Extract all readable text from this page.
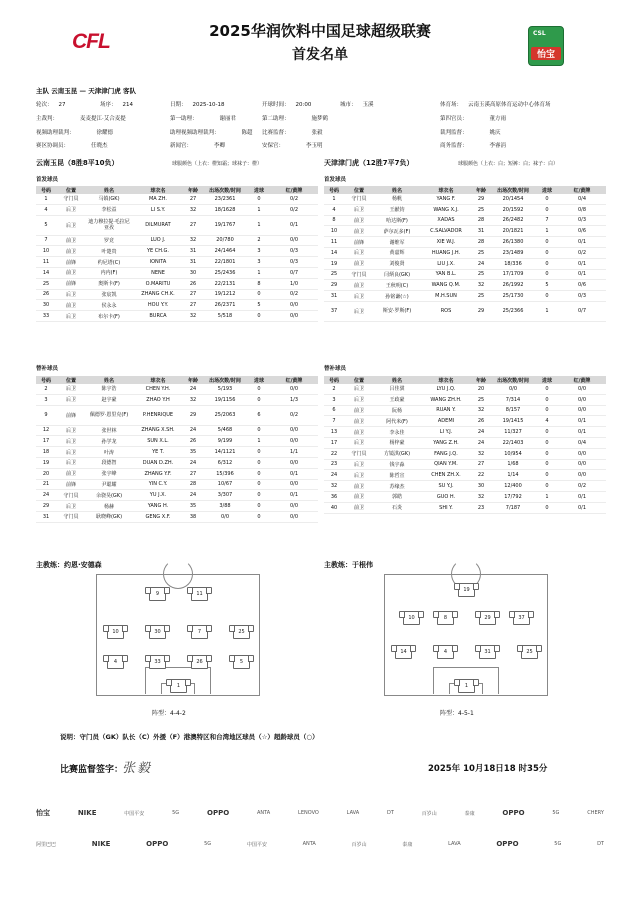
CFL	2025华润饮料中国足球超级联赛
首发名单
CSL
怡宝
主队 云南玉昆 — 天津津门虎 客队
轮次： 27	场序： 214	日期： 2025-10-18	开球时间： 20:00	城市： 玉溪	体育场： 云南玉溪高原体育运动中心体育场
主裁判：	麦麦提江·艾合麦提	第一助理：	谢丽君	第二助理：	施梦鹤	第四官员：	董方雨
视频助理裁判：	徐耀德	助理视频助理裁判：	陈超 比赛监督：	张毅	裁判监督：	姚庆
赛区协调员：	任晓杰	新闻官：	李卿	安保官：	李玉明	商务监督：	李睿涓
云南玉昆（8胜8平10负）	球服颜色（上衣：橙知霜；球袜子：橙）	天津津门虎（12胜7平7负）	球服颜色（上衣：白；短裤：白；袜子：白）
首发球员	首发球员
号码	位置	姓名	球衣名	年龄	出场次数/时间	进球	红/黄牌
1	守门员	马镇(GK)	MA ZH.	27	23/2361	0	0/2
4	后卫	李松益	LI S.Y.	32	18/1628	1	0/2
5	后卫	迪力穆拉提·毛拉尼亚孜	DILMURAT	27	19/1767	1	0/1
7	前卫	罗竞	LUO J.	32	20/780	2	0/0
10	前卫	叶楚贵	YE CH.G.	31	24/1464	3	0/3
11	前锋	约尼塔(C)	IONITA	31	22/1801	3	0/3
14	前卫	内内(F)	NENE	30	25/2436	1	0/7
25	前锋	奥斯卡(F)	O.MARITU	26	22/2131	8	1/0
26	后卫	张宸凯	ZHANG CH.K.	27	19/1212	0	0/2
30	前卫	侯永永	HOU Y.Y.	27	26/2371	5	0/0
33	后卫	布尔卡(F)	BURCA	32	5/518	0	0/0
号码	位置	姓名	球衣名	年龄	出场次数/时间	进球	红/黄牌
1	守门员	杨帆	YANG F.	29	20/1454	0	0/4
4	后卫	王献钧	WANG X.J.	25	20/1592	0	0/8
8	前卫	哈达斯(F)	XADAS	28	26/2482	7	0/3
10	前卫	萨尔瓦多(F)	C.SALVADOR	31	20/1821	1	0/6
11	前锋	谢维军	XIE W.J.	28	26/1380	0	0/1
14	后卫	黄嘉辉	HUANG J.H.	25	23/1489	0	0/2
19	前卫	刘俊贤	LIU J.X.	24	18/336	0	0/1
25	守门员	闫炳良(GK)	YAN B.L.	25	17/1709	0	0/1
29	前卫	王秋明(C)	WANG Q.M.	32	26/1992	5	0/6
31	后卫	孙铭谦(☆)	M.H.SUN	25	25/1730	0	0/3
37	后卫	斯安·罗斯(F)	ROS	29	25/2366	1	0/7
替补球员	替补球员
号码	位置	姓名	球衣名	年龄	出场次数/时间	进球	红/黄牌
2	后卫	陈宇浩	CHEN Y.H.	24	5/193	0	0/0
3	后卫	赵宇豪	ZHAO Y.H	32	19/1156	0	1/3
9	前锋	佩德罗·恩里克(F)	P.HENRIQUE	29	25/2063	6	0/2
12	后卫	张世林	ZHANG X.SH.	24	5/468	0	0/0
17	后卫	孙学龙	SUN X.L.	26	9/199	1	0/0
18	后卫	叶涛	YE T.	35	14/1121	0	1/1
19	后卫	段德智	DUAN D.ZH.	24	6/312	0	0/0
20	前卫	张宇峰	ZHANG Y.F.	27	15/396	0	0/1
21	前锋	尹聪耀	YIN C.Y.	28	10/67	0	0/0
24	守门员	余骁昊(GK)	YU J.X.	24	3/307	0	0/1
29	后卫	杨赫	YANG H.	35	3/88	0	0/0
31	守门员	耿晓峰(GK)	GENG X.F.	38	0/0	0	0/0
号码	位置	姓名	球衣名	年龄	出场次数/时间	进球	红/黄牌
2	后卫	吕佳骐	LYU J.Q.	20	0/0	0	0/0
3	后卫	王政豪	WANG ZH.H.	25	7/314	0	0/0
6	前卫	阮杨	RUAN Y.	32	8/157	0	0/0
7	前卫	阿代米(F)	ADEMI	26	19/1415	4	0/1
13	前卫	李永佳	LI Y.J.	24	11/327	0	0/1
17	后卫	杨梓豪	YANG Z.H.	24	22/1403	0	0/4
22	守门员	方镜淇(GK)	FANG J.Q.	32	10/954	0	0/0
23	后卫	钱宇淼	QIAN Y.M.	27	1/68	0	0/0
24	后卫	陈哲宣	CHEN ZH.X.	22	1/14	0	0/0
32	前卫	苏缘杰	SU Y.J.	30	12/400	0	0/2
36	前卫	郭皓	GUO H.	32	17/792	1	0/1
40	前卫	石炎	SHI Y.	23	7/187	0	0/1
主教练：约恩·安德森	主教练：于根伟
9	11
10	30	7	25
4	33	26	5
1
阵型：4-4-2
19
10	8	29	37
14	4	31	25
1
阵型：4-5-1
说明：守门员（GK）队长（C）外援（F）港澳特区和台湾地区球员（☆）超龄球员（○）
比赛监督签字：
张毅	2025年 10月18日18 时35分
怡宝	NIKE	中国平安	5G	OPPO	ANTA	LENOVO	LAVA	DT	百岁山	泰康	OPPO	5G	CHERY
阿里巴巴	NIKE	OPPO	5G	中国平安	ANTA	百岁山	泰康	LAVA	OPPO	5G	DT
